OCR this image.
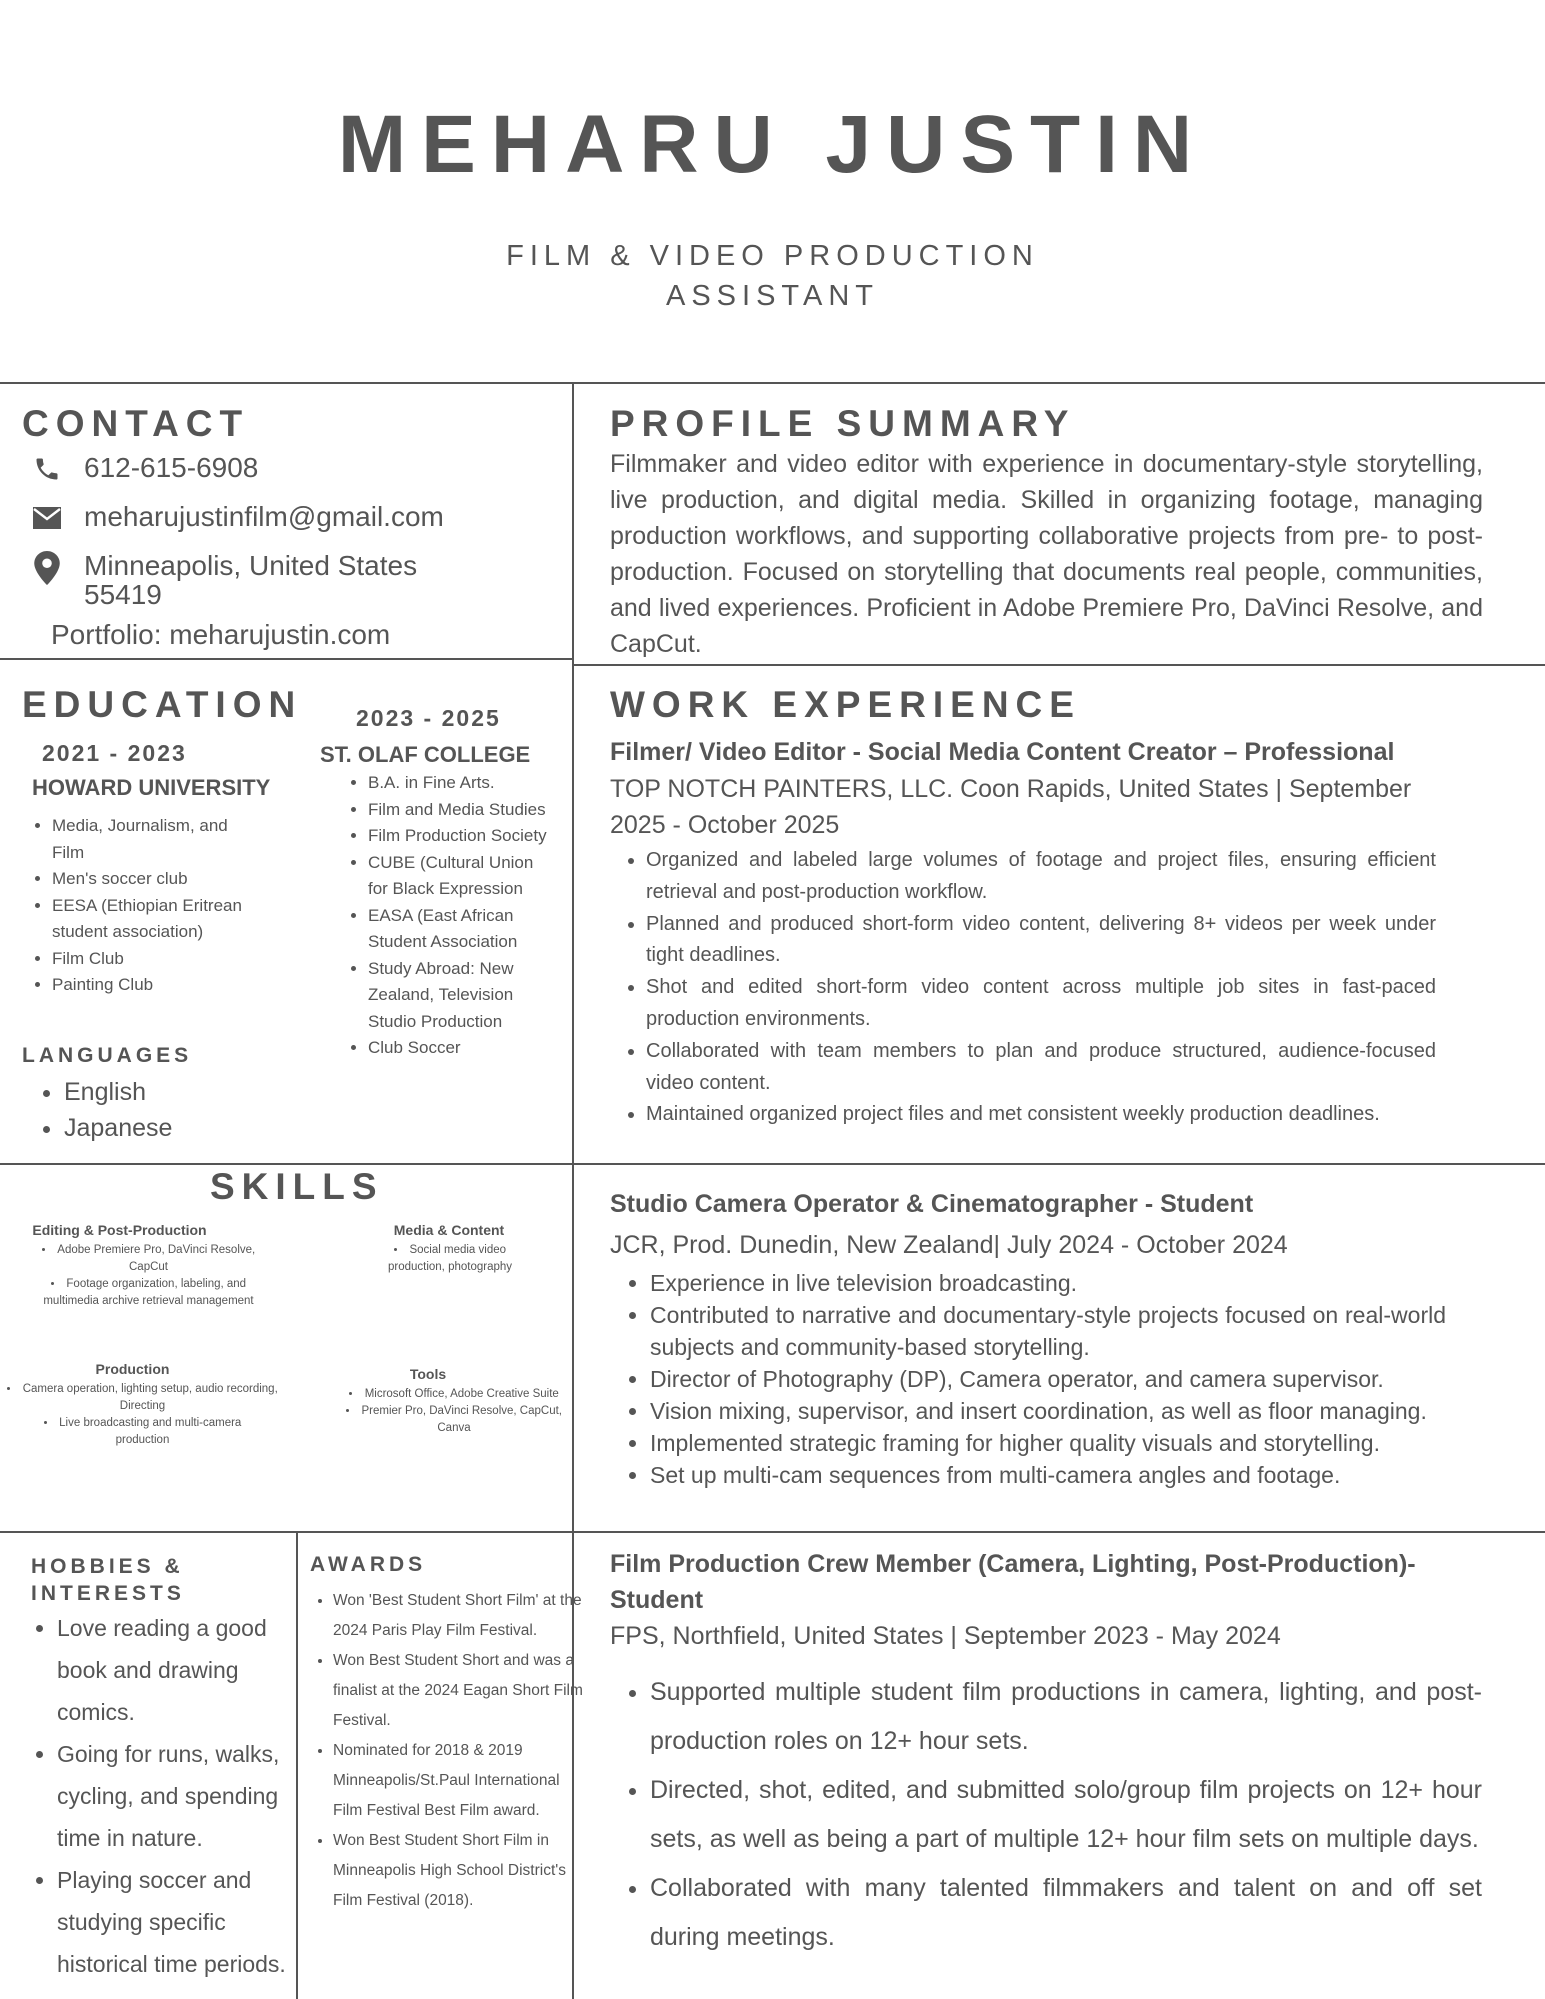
MEHARU JUSTIN
FILM & VIDEO PRODUCTION
ASSISTANT
CONTACT
612-615-6908
meharujustinfilm@gmail.com
Minneapolis, United States
55419
Portfolio: meharujustin.com
PROFILE SUMMARY
Filmmaker and video editor with experience in documentary-style storytelling, live production, and digital media. Skilled in organizing footage, managing production workflows, and supporting collaborative projects from pre- to post-production. Focused on storytelling that documents real people, communities, and lived experiences. Proficient in Adobe Premiere Pro, DaVinci Resolve, and CapCut.
EDUCATION
2021 - 2023
HOWARD UNIVERSITY
• Media, Journalism, and Film
• Men's soccer club
• EESA (Ethiopian Eritrean student association)
• Film Club
• Painting Club
2023 - 2025
ST. OLAF COLLEGE
• B.A. in Fine Arts.
• Film and Media Studies
• Film Production Society
• CUBE (Cultural Union for Black Expression
• EASA (East African Student Association
• Study Abroad: New Zealand, Television Studio Production
• Club Soccer
LANGUAGES
• English
• Japanese
SKILLS
Editing & Post-Production
• Adobe Premiere Pro, DaVinci Resolve, CapCut
• Footage organization, labeling, and multimedia archive retrieval management
Media & Content
• Social media video production, photography
Production
• Camera operation, lighting setup, audio recording, Directing
• Live broadcasting and multi-camera production
Tools
• Microsoft Office, Adobe Creative Suite
• Premier Pro, DaVinci Resolve, CapCut, Canva
HOBBIES &
INTERESTS
• Love reading a good book and drawing comics.
• Going for runs, walks, cycling, and spending time in nature.
• Playing soccer and studying specific historical time periods.
AWARDS
• Won 'Best Student Short Film' at the 2024 Paris Play Film Festival.
• Won Best Student Short and was a finalist at the 2024 Eagan Short Film Festival.
• Nominated for 2018 & 2019 Minneapolis/St.Paul International Film Festival Best Film award.
• Won Best Student Short Film in Minneapolis High School District's Film Festival (2018).
WORK EXPERIENCE
Filmer/ Video Editor - Social Media Content Creator – Professional
TOP NOTCH PAINTERS, LLC. Coon Rapids, United States | September 2025 - October 2025
• Organized and labeled large volumes of footage and project files, ensuring efficient retrieval and post-production workflow.
• Planned and produced short-form video content, delivering 8+ videos per week under tight deadlines.
• Shot and edited short-form video content across multiple job sites in fast-paced production environments.
• Collaborated with team members to plan and produce structured, audience-focused video content.
• Maintained organized project files and met consistent weekly production deadlines.
Studio Camera Operator & Cinematographer - Student
JCR, Prod. Dunedin, New Zealand| July 2024 - October 2024
• Experience in live television broadcasting.
• Contributed to narrative and documentary-style projects focused on real-world subjects and community-based storytelling.
• Director of Photography (DP), Camera operator, and camera supervisor.
• Vision mixing, supervisor, and insert coordination, as well as floor managing.
• Implemented strategic framing for higher quality visuals and storytelling.
• Set up multi-cam sequences from multi-camera angles and footage.
Film Production Crew Member (Camera, Lighting, Post-Production)-Student
FPS, Northfield, United States | September 2023 - May 2024
• Supported multiple student film productions in camera, lighting, and post-production roles on 12+ hour sets.
• Directed, shot, edited, and submitted solo/group film projects on 12+ hour sets, as well as being a part of multiple 12+ hour film sets on multiple days.
• Collaborated with many talented filmmakers and talent on and off set during meetings.
